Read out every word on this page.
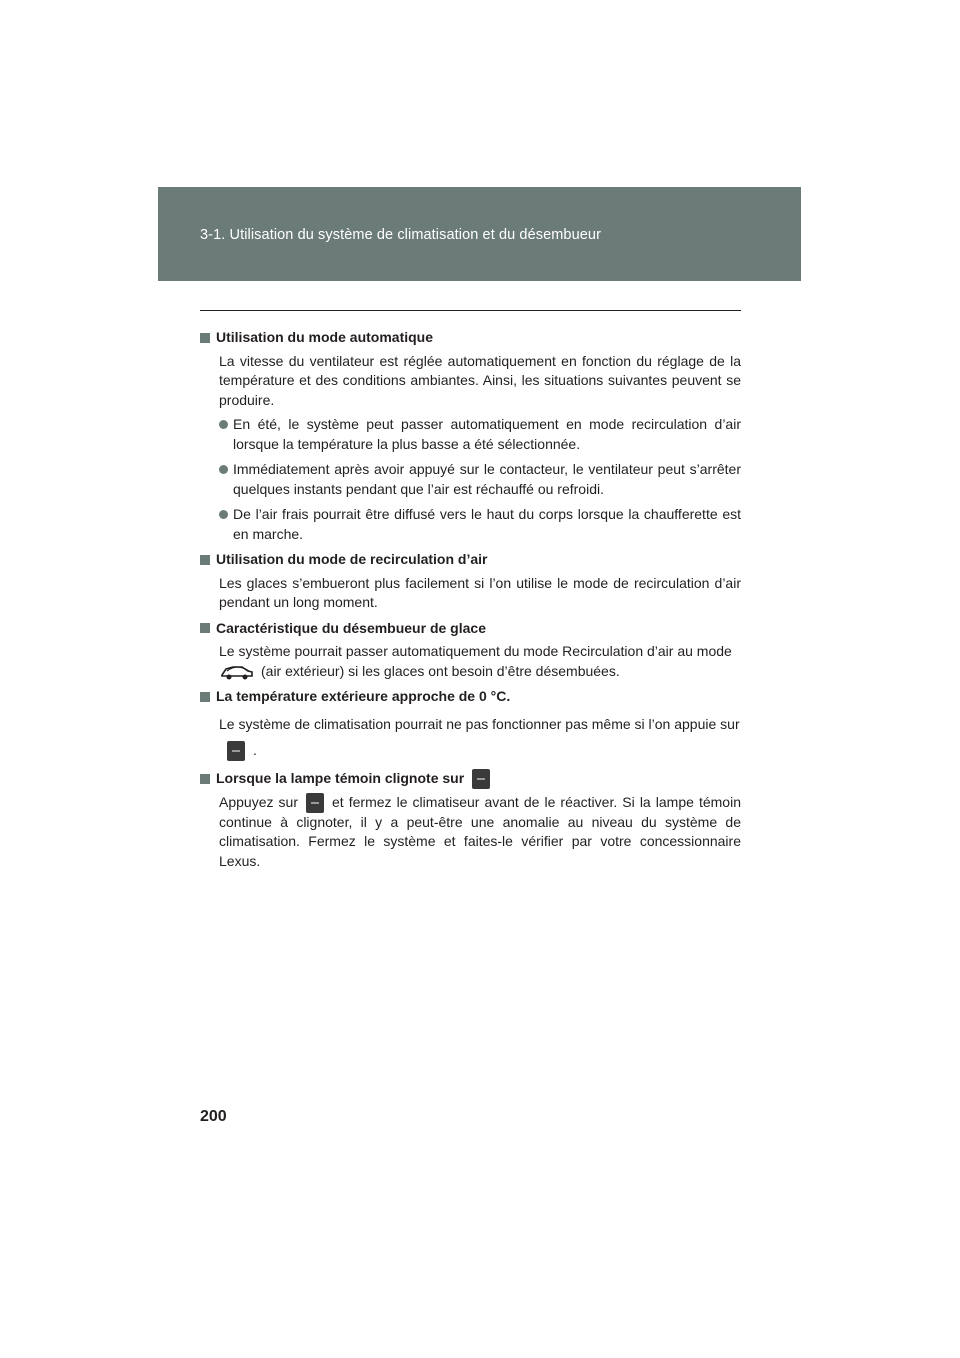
3-1. Utilisation du système de climatisation et du désembueur
Utilisation du mode automatique
La vitesse du ventilateur est réglée automatiquement en fonction du réglage de la température et des conditions ambiantes. Ainsi, les situations suivantes peuvent se produire.
En été, le système peut passer automatiquement en mode recirculation d’air lorsque la température la plus basse a été sélectionnée.
Immédiatement après avoir appuyé sur le contacteur, le ventilateur peut s’arrêter quelques instants pendant que l’air est réchauffé ou refroidi.
De l’air frais pourrait être diffusé vers le haut du corps lorsque la chaufferette est en marche.
Utilisation du mode de recirculation d’air
Les glaces s’embueront plus facilement si l’on utilise le mode de recirculation d’air pendant un long moment.
Caractéristique du désembueur de glace
Le système pourrait passer automatiquement du mode Recirculation d’air au mode
(air extérieur) si les glaces ont besoin d’être désembuées.
La température extérieure approche de 0 °C.
Le système de climatisation pourrait ne pas fonctionner pas même si l’on appuie sur
.
Lorsque la lampe témoin clignote sur
Appuyez sur et fermez le climatiseur avant de le réactiver. Si la lampe témoin continue à clignoter, il y a peut-être une anomalie au niveau du système de climatisation. Fermez le système et faites-le vérifier par votre concessionnaire Lexus.
200
